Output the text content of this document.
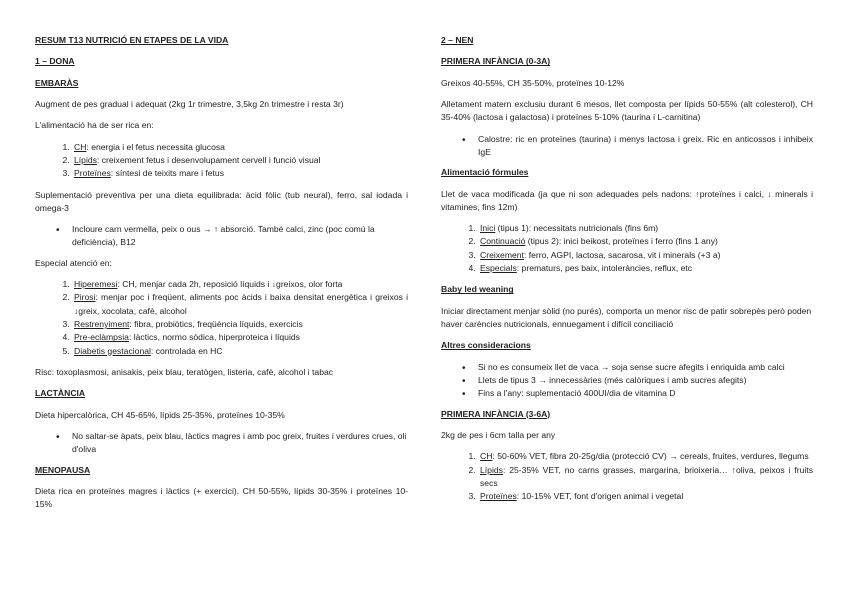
RESUM T13 NUTRICIÓ EN ETAPES DE LA VIDA
1 – DONA
EMBARÀS

Augment de pes gradual i adequat (2kg 1r trimestre, 3,5kg 2n trimestre i resta 3r)

L'alimentació ha de ser rica en:

1. CH: energia i el fetus necessita glucosa
2. Lípids: creixement fetus i desenvolupament cervell i funció visual
3. Proteïnes: síntesi de teixits mare i fetus

Suplementació preventiva per una dieta equilibrada: àcid fòlic (tub neural), ferro, sal iodada i omega-3

• Incloure carn vermella, peix o ous → ↑ absorció. També calci, zinc (poc comú la deficiència), B12

Especial atenció en:

1. Hiperemesi: CH, menjar cada 2h, reposició líquids i ↓greixos, olor forta
2. Pirosi: menjar poc i freqüent, aliments poc àcids i baixa densitat energètica i greixos i ↓greix, xocolata, cafè, alcohol
3. Restrenyiment: fibra, probiòtics, freqüència líquids, exercicis
4. Pre-eclàmpsia: làctics, normo sòdica, hiperproteica i líquids
5. Diabetis gestacional: controlada en HC

Risc: toxoplasmosi, anisakis, peix blau, teratògen, listeria, cafè, alcohol i tabac

LACTÀNCIA

Dieta hipercalòrica, CH 45-65%, lípids 25-35%, proteïnes 10-35%

• No saltar-se àpats, peix blau, làctics magres i amb poc greix, fruites i verdures crues, oli d'oliva
MENOPAUSA

Dieta rica en proteïnes magres i làctics (+ exercici). CH 50-55%, lípids 30-35% i proteïnes 10-15%

2 – NEN
PRIMERA INFÀNCIA (0-3A)

Greixos 40-55%, CH 35-50%, proteïnes 10-12%

Alletament matern exclusiu durant 6 mesos, llet composta per lípids 50-55% (alt colesterol), CH 35-40% (lactosa i galactosa) i proteïnes 5-10% (taurina i L-carnitina)

• Calostre: ric en proteïnes (taurina) i menys lactosa i greix. Ric en anticossos i inhibeix IgE
Alimentació fórmules

Llet de vaca modificada (ja que ni son adequades pels nadons: ↑proteïnes i calci, ↓ minerals i vitamines, fins 12m)

1. Inici (tipus 1): necessitats nutricionals (fins 6m)
2. Continuació (tipus 2): inici beikost, proteïnes i ferro (fins 1 any)
3. Creixement: ferro, AGPI, lactosa, sacarosa, vit i minerals (+3 a)
4. Especials: prematurs, pes baix, intoleràncies, reflux, etc
Baby led weaning

Iniciar directament menjar sòlid (no purés), comporta un menor risc de patir sobrepès però poden haver carències nutricionals, ennuegament i difícil conciliació

Altres consideracions
• Si no es consumeix llet de vaca → soja sense sucre afegits i enriquida amb calci
• Llets de tipus 3 → innecessàries (més calòriques i amb sucres afegits)
• Fins a l'any: suplementació 400UI/dia de vitamina D
PRIMERA INFÀNCIA (3-6A)

2kg de pes i 6cm talla per any

1. CH: 50-60% VET, fibra 20-25g/dia (protecció CV) → cereals, fruites, verdures, llegums
2. Lípids: 25-35% VET, no carns grasses, margarina, brioixeria… ↑oliva, peixos i fruits secs
3. Proteïnes: 10-15% VET, font d'origen animal i vegetal
